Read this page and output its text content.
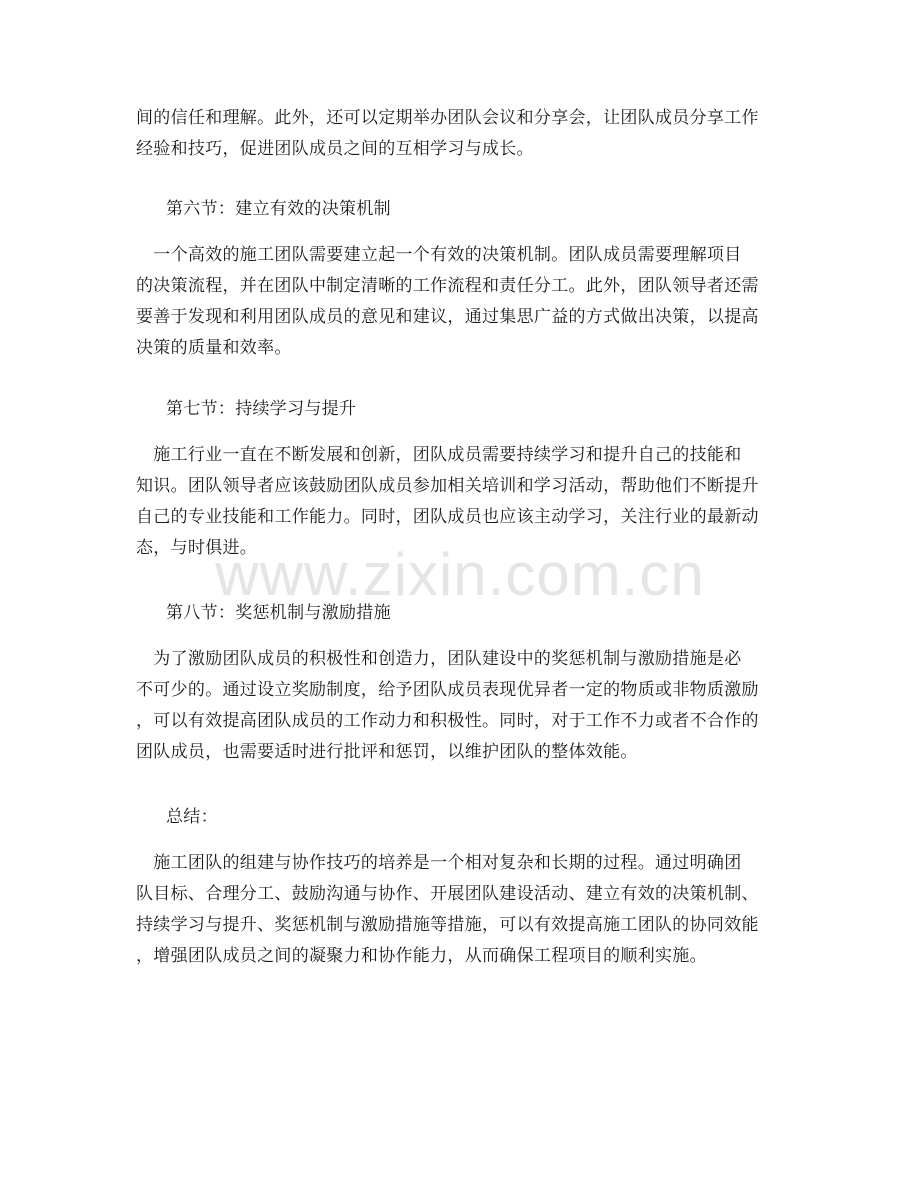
间的信任和理解。此外，还可以定期举办团队会议和分享会，让团队成员分享工作
经验和技巧，促进团队成员之间的互相学习与成长。
第六节：建立有效的决策机制
　一个高效的施工团队需要建立起一个有效的决策机制。团队成员需要理解项目
的决策流程，并在团队中制定清晰的工作流程和责任分工。此外，团队领导者还需
要善于发现和利用团队成员的意见和建议，通过集思广益的方式做出决策，以提高
决策的质量和效率。
第七节：持续学习与提升
　施工行业一直在不断发展和创新，团队成员需要持续学习和提升自己的技能和
知识。团队领导者应该鼓励团队成员参加相关培训和学习活动，帮助他们不断提升
自己的专业技能和工作能力。同时，团队成员也应该主动学习，关注行业的最新动
态，与时俱进。
第八节：奖惩机制与激励措施
　为了激励团队成员的积极性和创造力，团队建设中的奖惩机制与激励措施是必
不可少的。通过设立奖励制度，给予团队成员表现优异者一定的物质或非物质激励
，可以有效提高团队成员的工作动力和积极性。同时，对于工作不力或者不合作的
团队成员，也需要适时进行批评和惩罚，以维护团队的整体效能。
总结：
　施工团队的组建与协作技巧的培养是一个相对复杂和长期的过程。通过明确团
队目标、合理分工、鼓励沟通与协作、开展团队建设活动、建立有效的决策机制、
持续学习与提升、奖惩机制与激励措施等措施，可以有效提高施工团队的协同效能
，增强团队成员之间的凝聚力和协作能力，从而确保工程项目的顺利实施。
www.zixin.com.cn
